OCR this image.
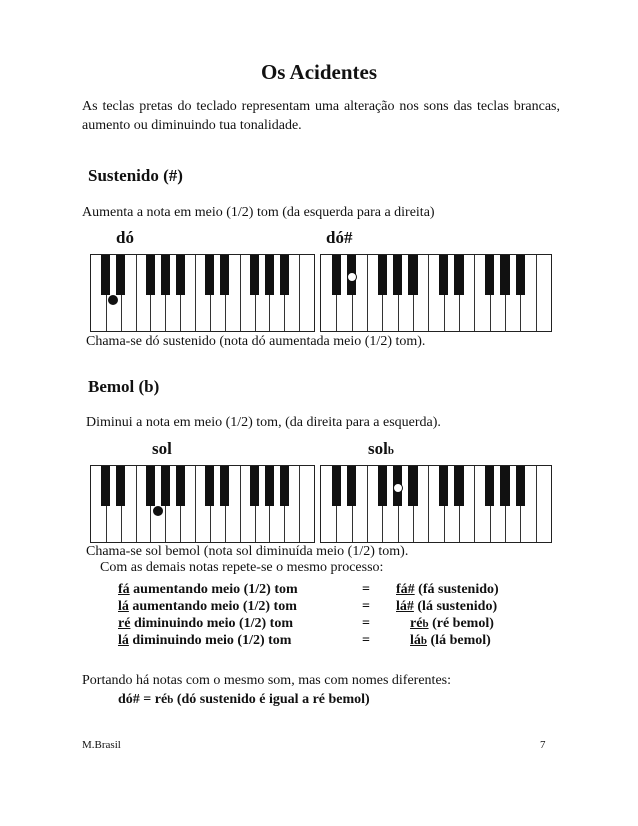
Os Acidentes
As teclas pretas do teclado representam uma alteração nos sons das teclas brancas, aumento ou diminuindo tua tonalidade.
Sustenido (#)
Aumenta a nota em meio (1/2) tom (da esquerda para a direita)
dó	dó#
Chama-se dó sustenido (nota dó aumentada meio (1/2) tom).
Bemol (b)
Diminui a nota em meio (1/2) tom, (da direita para a esquerda).
sol	solb
Chama-se sol bemol (nota sol diminuída meio (1/2) tom).
Com as demais notas repete-se o mesmo processo:
fá aumentando meio (1/2) tom	= fá# (fá sustenido)
lá aumentando meio (1/2) tom	= lá# (lá sustenido)
ré diminuindo meio (1/2) tom	=	réb (ré bemol)
lá diminuindo meio (1/2) tom	=	láb (lá bemol)
Portando há notas com o mesmo som, mas com nomes diferentes:
dó# = réb (dó sustenido é igual a ré bemol)
M.Brasil	7
